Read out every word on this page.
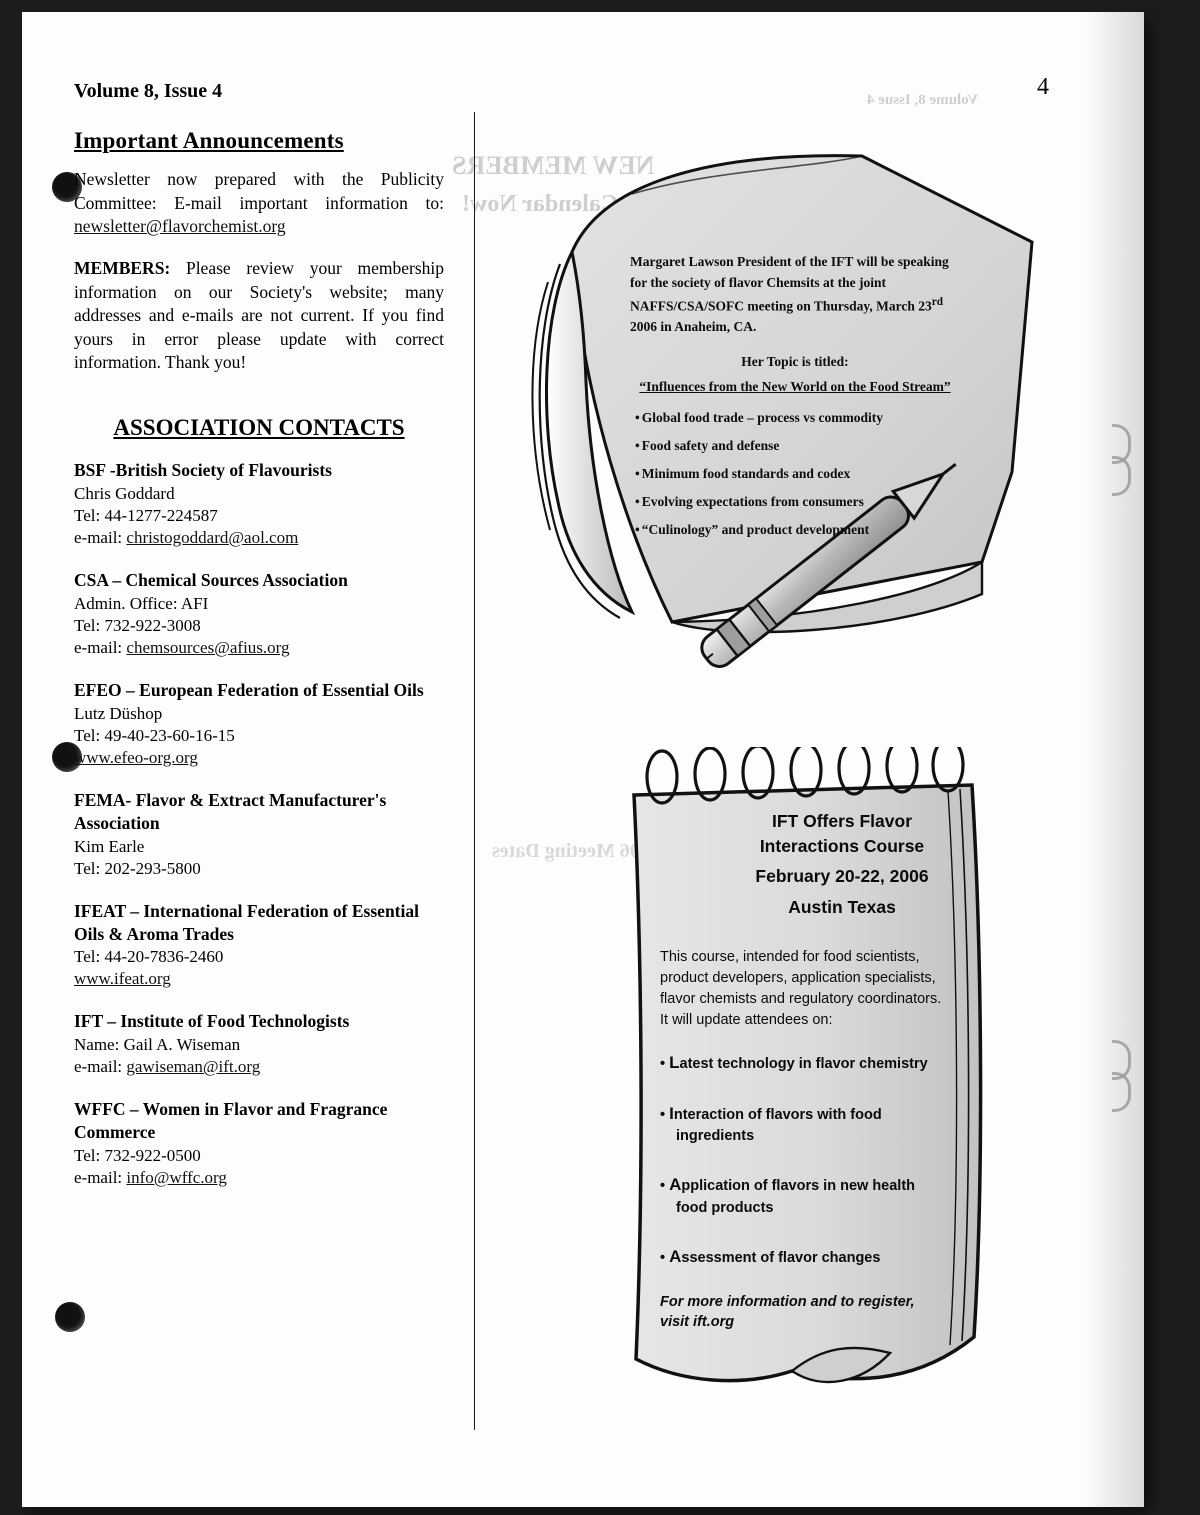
Volume 8, Issue 4
NEW MEMBERS
Mark Your Calendar Now!
2006 Meeting Dates
Volume 8, Issue 4	4
Important Announcements

Newsletter now prepared with the Publicity Committee: E-mail important information to: newsletter@flavorchemist.org

MEMBERS: Please review your membership information on our Society's website; many addresses and e-mails are not current. If you find yours in error please update with correct information. Thank you!

ASSOCIATION CONTACTS
BSF -British Society of Flavourists
Chris Goddard
Tel: 44-1277-224587
e-mail: christogoddard@aol.com
CSA – Chemical Sources Association
Admin. Office: AFI
Tel: 732-922-3008
e-mail: chemsources@afius.org
EFEO – European Federation of Essential Oils
Lutz Düshop
Tel: 49-40-23-60-16-15
www.efeo-org.org
FEMA- Flavor & Extract Manufacturer's Association
Kim Earle
Tel: 202-293-5800
IFEAT – International Federation of Essential Oils & Aroma Trades
Tel: 44-20-7836-2460
www.ifeat.org
IFT – Institute of Food Technologists
Name: Gail A. Wiseman
e-mail: gawiseman@ift.org
WFFC – Women in Flavor and Fragrance Commerce
Tel: 732-922-0500
e-mail: info@wffc.org
Margaret Lawson President of the IFT will be speaking for the society of flavor Chemsits at the joint NAFFS/CSA/SOFC meeting on Thursday, March 23rd 2006 in Anaheim, CA.
Her Topic is titled:
“Influences from the New World on the Food Stream”
• Global food trade – process vs commodity
• Food safety and defense
• Minimum food standards and codex
• Evolving expectations from consumers
• “Culinology” and product development
IFT Offers Flavor
Interactions Course
February 20-22, 2006
Austin Texas
This course, intended for food scientists, product developers, application specialists, flavor chemists and regulatory coordinators. It will update attendees on:
• Latest technology in flavor chemistry
• Interaction of flavors with food ingredients
• Application of flavors in new health food products
• Assessment of flavor changes
For more information and to register, visit ift.org
